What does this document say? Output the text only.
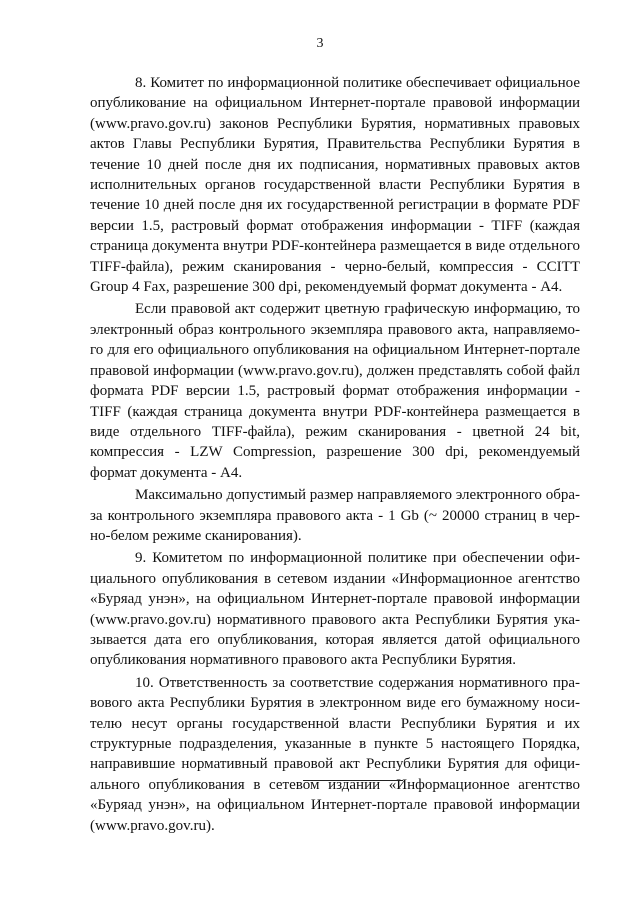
3

8. Комитет по информационной политике обеспечивает официальное опубликование на официальном Интернет-портале правовой информации (www.pravo.gov.ru) законов Республики Бурятия, нормативных правовых актов Главы Республики Бурятия, Правительства Республики Бурятия в течение 10 дней после дня их подписания, нормативных правовых актов исполнительных органов государственной власти Республики Бурятия в течение 10 дней после дня их государственной регистрации в формате PDF версии 1.5, растровый формат отображения информации - TIFF (каждая страница документа внутри PDF-контейнера размещается в виде отдельного TIFF-файла), режим сканирования - черно-белый, компрессия - CCITT Group 4 Fax, разрешение 300 dpi, рекомендуемый формат документа - А4.

Если правовой акт содержит цветную графическую информацию, то электронный образ контрольного экземпляра правового акта, направляемого для его официального опубликования на официальном Интернет-портале правовой информации (www.pravo.gov.ru), должен представлять собой файл формата PDF версии 1.5, растровый формат отображения информации - TIFF (каждая страница документа внутри PDF-контейнера размещается в виде отдельного TIFF-файла), режим сканирования - цветной 24 bit, компрессия - LZW Compression, разрешение 300 dpi, рекомендуемый формат документа - А4.

Максимально допустимый размер направляемого электронного образа контрольного экземпляра правового акта - 1 Gb (~ 20000 страниц в черно-белом режиме сканирования).

9. Комитетом по информационной политике при обеспечении официального опубликования в сетевом издании «Информационное агентство «Буряад унэн», на официальном Интернет-портале правовой информации (www.pravo.gov.ru) нормативного правового акта Республики Бурятия указывается дата его опубликования, которая является датой официального опубликования нормативного правового акта Республики Бурятия.

10. Ответственность за соответствие содержания нормативного правового акта Республики Бурятия в электронном виде его бумажному носителю несут органы государственной власти Республики Бурятия и их структурные подразделения, указанные в пункте 5 настоящего Порядка, направившие нормативный правовой акт Республики Бурятия для официального опубликования в сетевом издании «Информационное агентство «Буряад унэн», на официальном Интернет-портале правовой информации (www.pravo.gov.ru).
